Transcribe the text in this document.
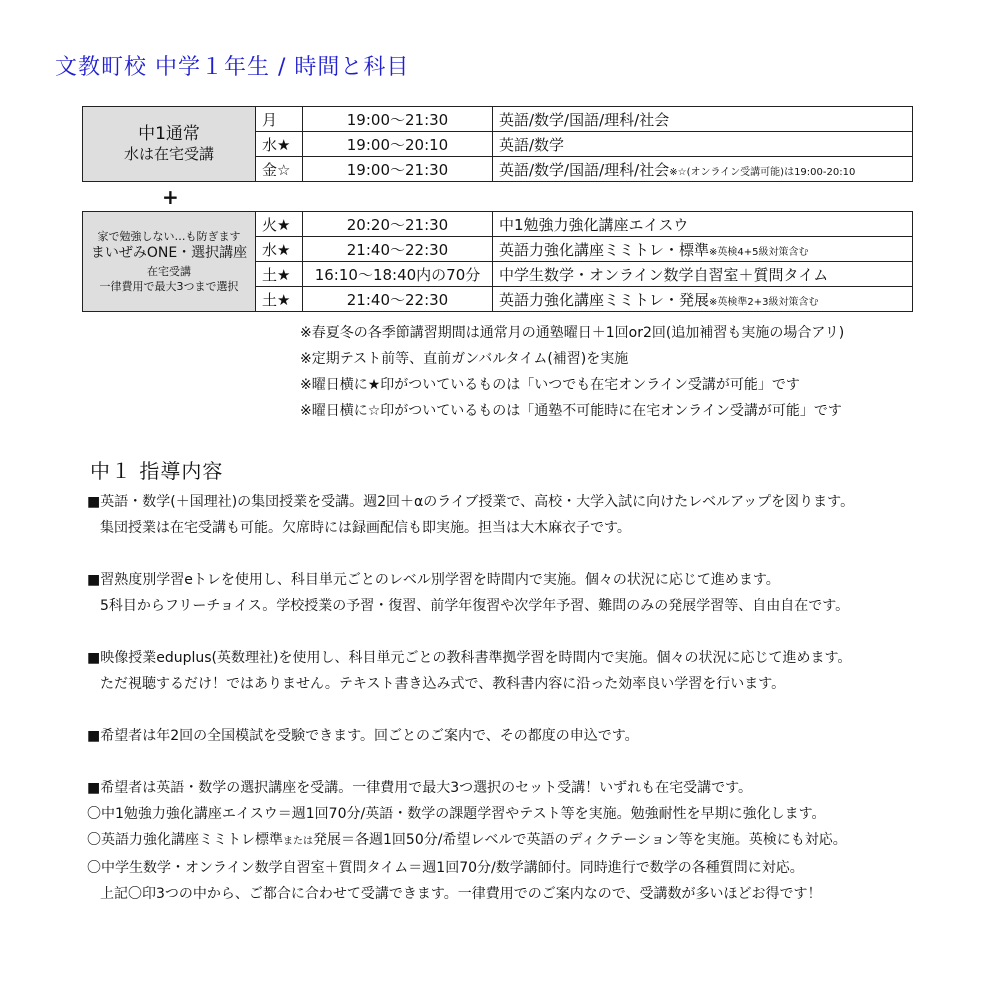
文教町校 中学１年生 / 時間と科目
中1通常
水は在宅受講	月	19:00〜21:30	英語/数学/国語/理科/社会
	水★	19:00〜20:10	英語/数学
	金☆	19:00〜21:30	英語/数学/国語/理科/社会※☆(オンライン受講可能)は19:00-20:10
+
家で勉強しない…も防ぎます
まいぜみONE・選択講座
在宅受講
一律費用で最大3つまで選択	火★	20:20〜21:30	中1勉強力強化講座エイスウ
	水★	21:40〜22:30	英語力強化講座ミミトレ・標準※英検4+5級対策含む
	土★	16:10〜18:40内の70分	中学生数学・オンライン数学自習室＋質問タイム
	土★	21:40〜22:30	英語力強化講座ミミトレ・発展※英検準2+3級対策含む
※春夏冬の各季節講習期間は通常月の通塾曜日＋1回or2回(追加補習も実施の場合アリ)
※定期テスト前等、直前ガンバルタイム(補習)を実施
※曜日横に★印がついているものは「いつでも在宅オンライン受講が可能」です
※曜日横に☆印がついているものは「通塾不可能時に在宅オンライン受講が可能」です
中１ 指導内容
■英語・数学(＋国理社)の集団授業を受講。週2回＋αのライブ授業で、高校・大学入試に向けたレベルアップを図ります。
集団授業は在宅受講も可能。欠席時には録画配信も即実施。担当は大木麻衣子です。
■習熟度別学習eトレを使用し、科目単元ごとのレベル別学習を時間内で実施。個々の状況に応じて進めます。
5科目からフリーチョイス。学校授業の予習・復習、前学年復習や次学年予習、難問のみの発展学習等、自由自在です。
■映像授業eduplus(英数理社)を使用し、科目単元ごとの教科書準拠学習を時間内で実施。個々の状況に応じて進めます。
ただ視聴するだけ！ではありません。テキスト書き込み式で、教科書内容に沿った効率良い学習を行います。
■希望者は年2回の全国模試を受験できます。回ごとのご案内で、その都度の申込です。
■希望者は英語・数学の選択講座を受講。一律費用で最大3つ選択のセット受講！いずれも在宅受講です。
〇中1勉強力強化講座エイスウ＝週1回70分/英語・数学の課題学習やテスト等を実施。勉強耐性を早期に強化します。
〇英語力強化講座ミミトレ標準または発展＝各週1回50分/希望レベルで英語のディクテーション等を実施。英検にも対応。
〇中学生数学・オンライン数学自習室＋質問タイム＝週1回70分/数学講師付。同時進行で数学の各種質問に対応。
上記〇印3つの中から、ご都合に合わせて受講できます。一律費用でのご案内なので、受講数が多いほどお得です！
